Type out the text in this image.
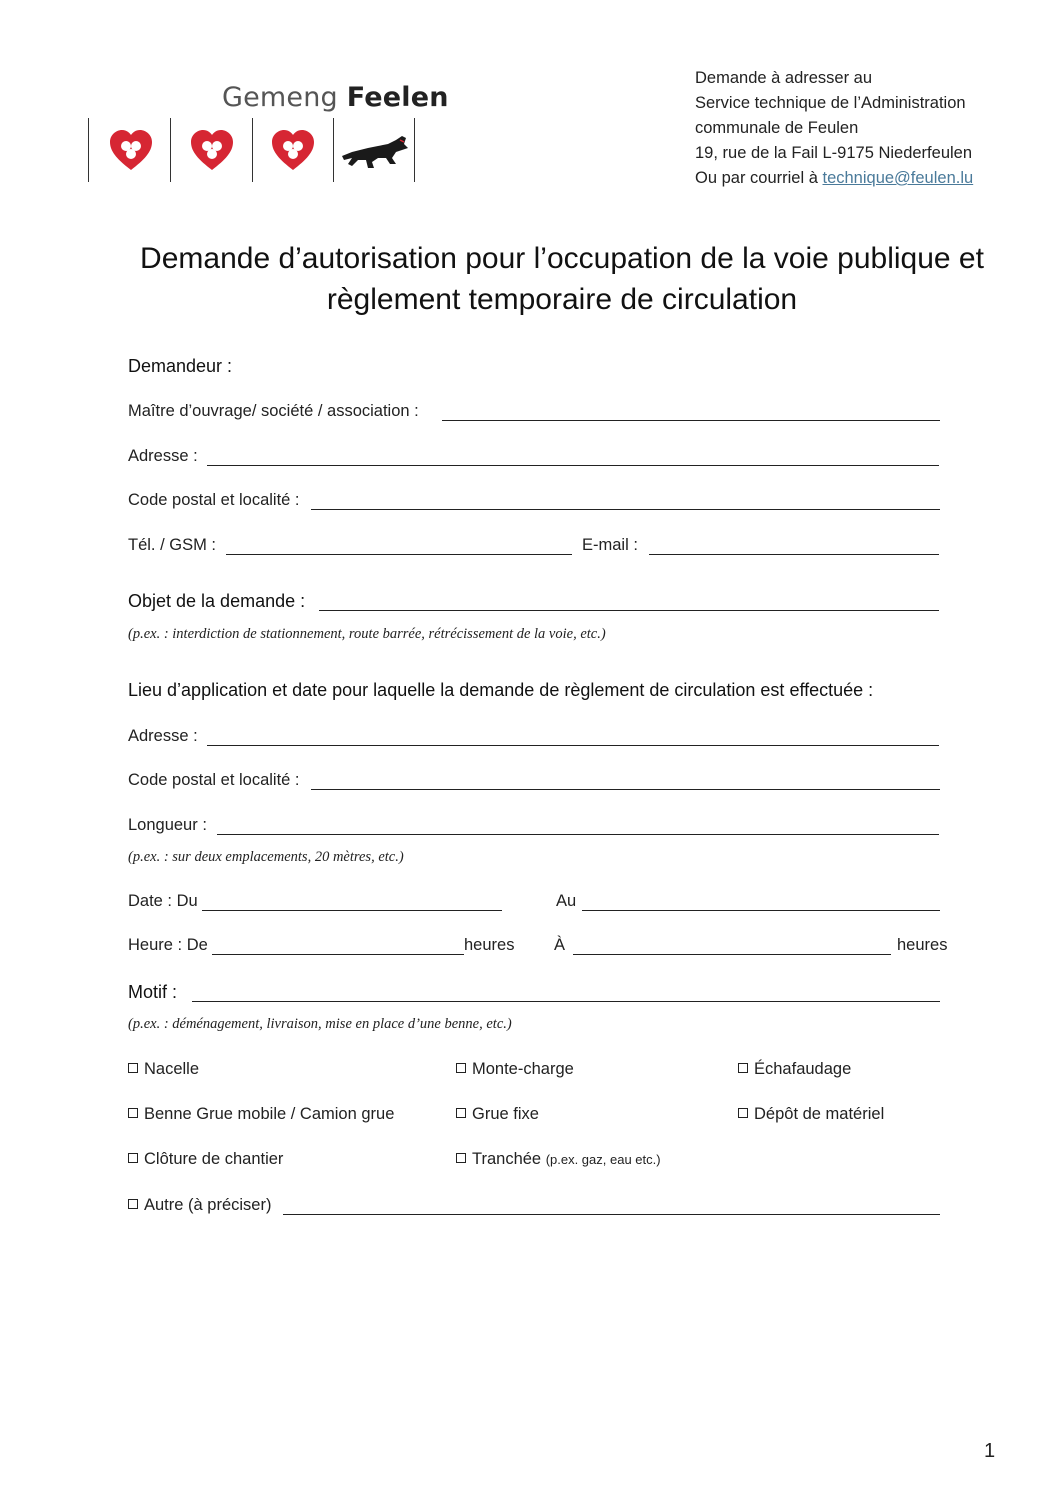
Gemeng Feelen
Demande à adresser au
Service technique de l’Administration
communale de Feulen
19, rue de la Fail L-9175 Niederfeulen
Ou par courriel à technique@feulen.lu
Demande d’autorisation pour l’occupation de la voie publique et
règlement temporaire de circulation
Demandeur :
Maître d’ouvrage/ société / association :
Adresse :
Code postal et localité :
Tél. / GSM :	E-mail :
Objet de la demande :
(p.ex. : interdiction de stationnement, route barrée, rétrécissement de la voie, etc.)
Lieu d’application et date pour laquelle la demande de règlement de circulation est effectuée :
Adresse :
Code postal et localité :
Longueur :
(p.ex. : sur deux emplacements, 20 mètres, etc.)
Date : Du	Au
Heure : De	heures À	heures
Motif :
(p.ex. : déménagement, livraison, mise en place d’une benne, etc.)
Nacelle	Monte-charge	Échafaudage
Benne Grue mobile / Camion grue	Grue fixe	Dépôt de matériel
Clôture de chantier	Tranchée (p.ex. gaz, eau etc.)
Autre (à préciser)
1
